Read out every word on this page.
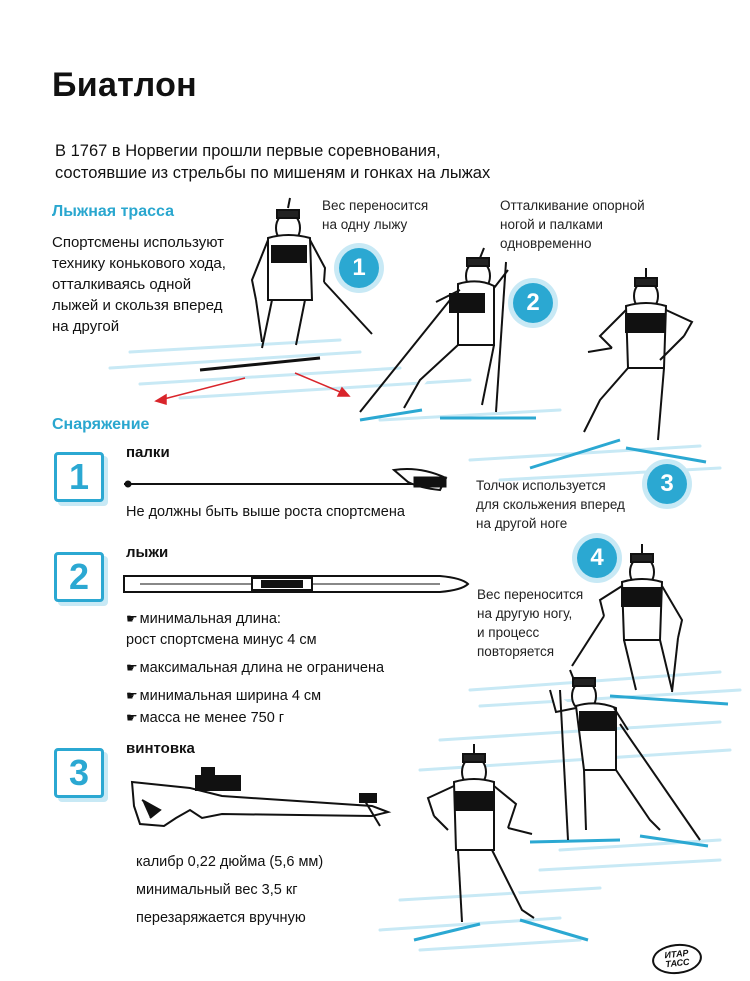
Биатлон
В 1767 в Норвегии прошли первые соревнования,
состоявшие из стрельбы по мишеням и гонках на лыжах
Лыжная трасса
Спортсмены используют
технику конькового хода,
отталкиваясь одной
лыжей и скользя вперед
на другой
Вес переносится
на одну лыжу
1
Отталкивание опорной
ногой и палками
одновременно
2
3
Толчок используется
для скольжения вперед
на другой ноге
4
Вес переносится
на другую ногу,
и процесс
повторяется
Снаряжение
1
палки
Не должны быть выше роста спортсмена
2
лыжи
☛ минимальная длина:
рост спортсмена минус 4 см
☛ максимальная длина не ограничена
☛ минимальная ширина 4 см
☛ масса не менее 750 г
3
винтовка
калибр 0,22 дюйма (5,6 мм)
минимальный вес 3,5 кг
перезаряжается вручную
ИТАР
ТАСС
